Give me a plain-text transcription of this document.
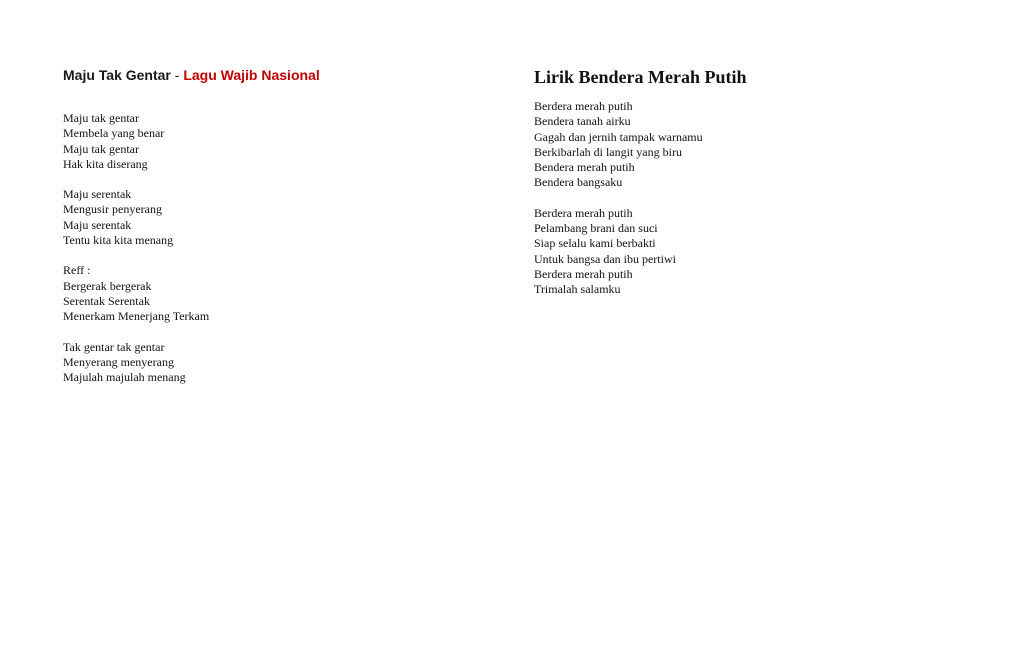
Maju Tak Gentar - Lagu Wajib Nasional
Maju tak gentar
Membela yang benar
Maju tak gentar
Hak kita diserang
Maju serentak
Mengusir penyerang
Maju serentak
Tentu kita kita menang
Reff :
Bergerak bergerak
Serentak Serentak
Menerkam Menerjang Terkam
Tak gentar tak gentar
Menyerang menyerang
Majulah majulah menang
Lirik Bendera Merah Putih
Berdera merah putih
Bendera tanah airku
Gagah dan jernih tampak warnamu
Berkibarlah di langit yang biru
Bendera merah putih
Bendera bangsaku
Berdera merah putih
Pelambang brani dan suci
Siap selalu kami berbakti
Untuk bangsa dan ibu pertiwi
Berdera merah putih
Trimalah salamku
